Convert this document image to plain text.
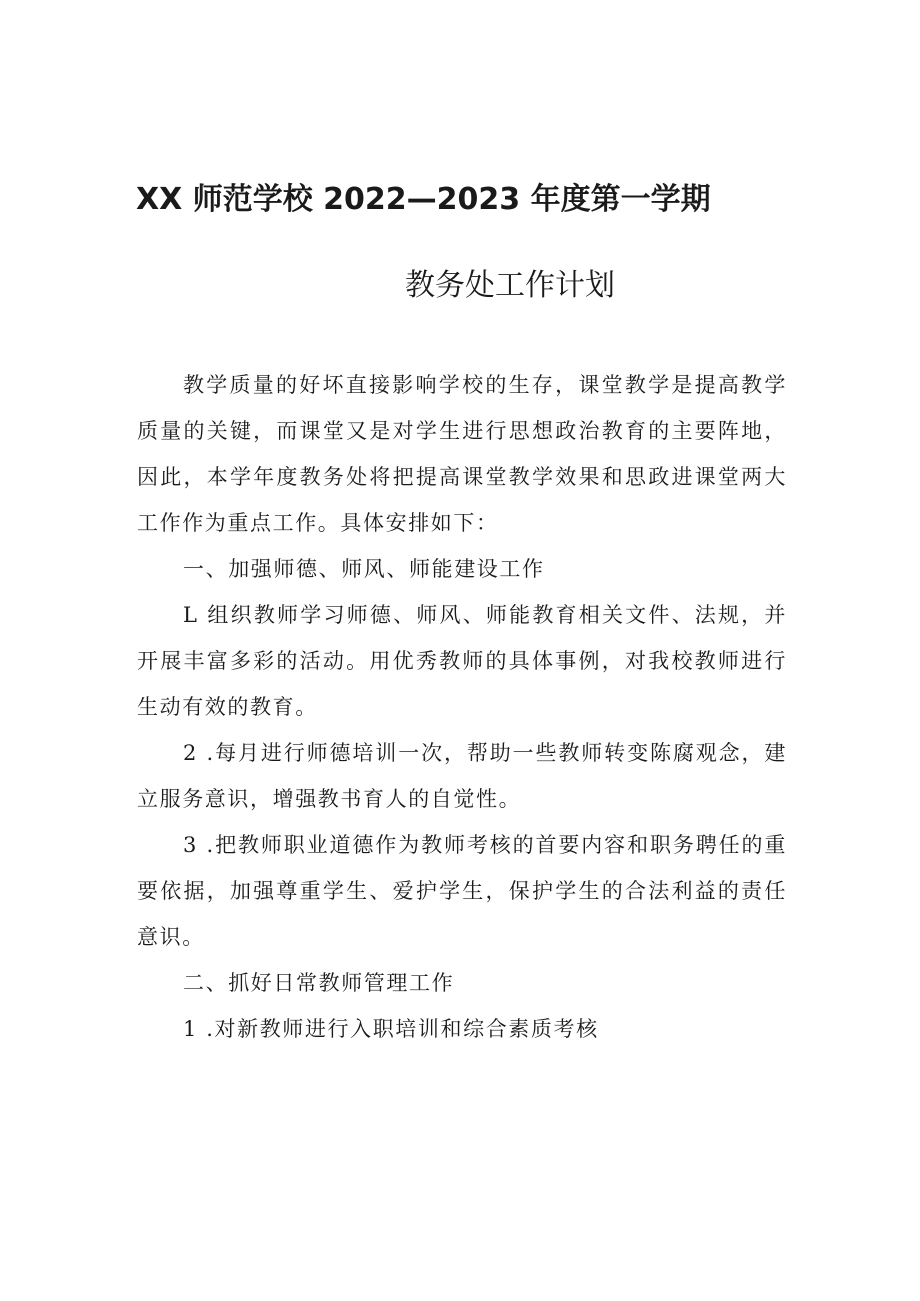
XX 师范学校 2022—2023 年度第一学期
教务处工作计划

教学质量的好坏直接影响学校的生存，课堂教学是提高教学质量的关键，而课堂又是对学生进行思想政治教育的主要阵地，因此，本学年度教务处将把提高课堂教学效果和思政进课堂两大工作作为重点工作。具体安排如下：

一、加强师德、师风、师能建设工作

L 组织教师学习师德、师风、师能教育相关文件、法规，并开展丰富多彩的活动。用优秀教师的具体事例，对我校教师进行生动有效的教育。

2 .每月进行师德培训一次，帮助一些教师转变陈腐观念，建立服务意识，增强教书育人的自觉性。

3 .把教师职业道德作为教师考核的首要内容和职务聘任的重要依据，加强尊重学生、爱护学生，保护学生的合法利益的责任意识。

二、抓好日常教师管理工作

1 .对新教师进行入职培训和综合素质考核
